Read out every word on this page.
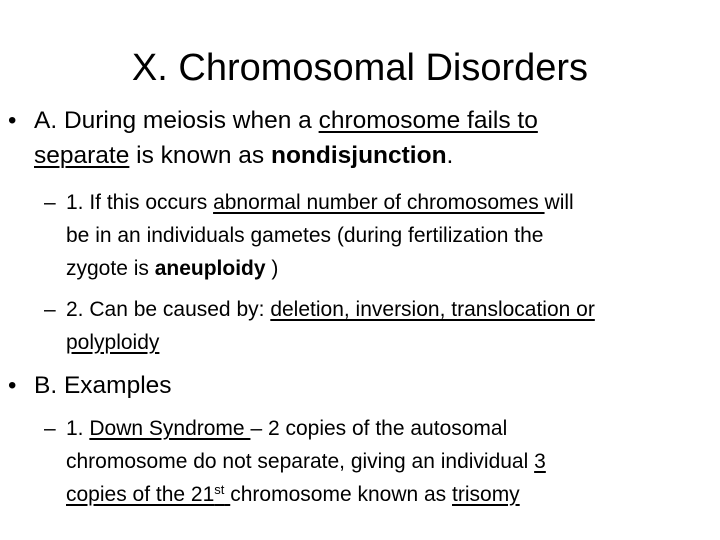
X. Chromosomal Disorders
• A. During meiosis when a chromosome fails to
separate is known as nondisjunction.
– 1. If this occurs abnormal number of chromosomes will
be in an individuals gametes (during fertilization the
zygote is aneuploidy )
– 2. Can be caused by: deletion, inversion, translocation or
polyploidy
• B. Examples
– 1. Down Syndrome – 2 copies of the autosomal
chromosome do not separate, giving an individual 3
copies of the 21st chromosome known as trisomy
